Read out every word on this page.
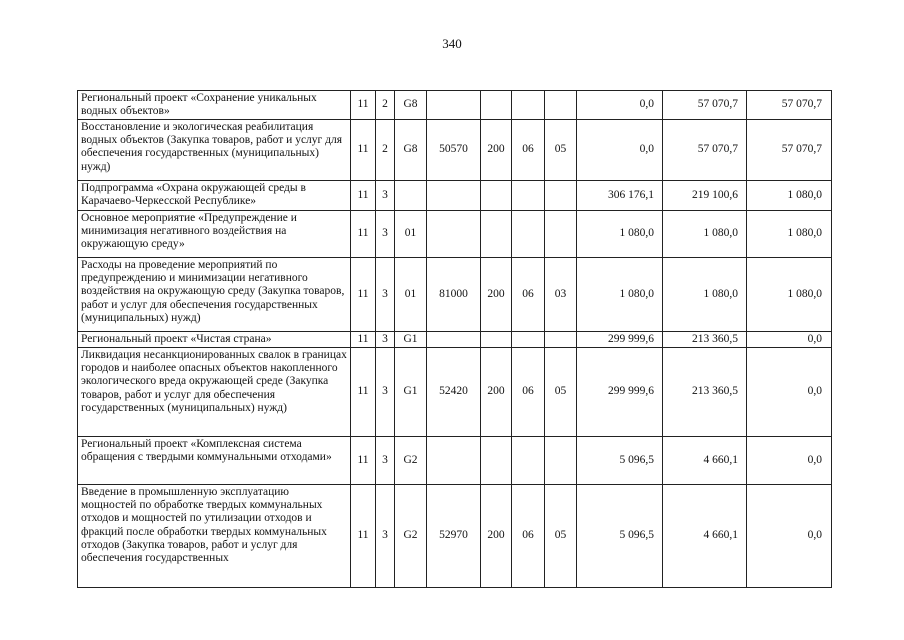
340
Региональный проект «Сохранение уникальных водных объектов»	11	2	G8					0,0	57 070,7	57 070,7
Восстановление и экологическая реабилитация водных объектов (Закупка товаров, работ и услуг для обеспечения государственных (муниципальных) нужд)	11	2	G8	50570	200	06	05	0,0	57 070,7	57 070,7
Подпрограмма «Охрана окружающей среды в Карачаево-Черкесской Республике»	11	3						306 176,1	219 100,6	1 080,0
Основное мероприятие «Предупреждение и минимизация негативного воздействия на окружающую среду»	11	3	01					1 080,0	1 080,0	1 080,0
Расходы на проведение мероприятий по предупреждению и минимизации негативного воздействия на окружающую среду (Закупка товаров, работ и услуг для обеспечения государственных (муниципальных) нужд)	11	3	01	81000	200	06	03	1 080,0	1 080,0	1 080,0
Региональный проект «Чистая страна»	11	3	G1					299 999,6	213 360,5	0,0
Ликвидация несанкционированных свалок в границах городов и наиболее опасных объектов накопленного экологического вреда окружающей среде (Закупка товаров, работ и услуг для обеспечения государственных (муниципальных) нужд)	11	3	G1	52420	200	06	05	299 999,6	213 360,5	0,0
Региональный проект «Комплексная система обращения с твердыми коммунальными отходами»	11	3	G2					5 096,5	4 660,1	0,0
Введение в промышленную эксплуатацию мощностей по обработке твердых коммунальных отходов и мощностей по утилизации отходов и фракций после обработки твердых коммунальных отходов (Закупка товаров, работ и услуг для обеспечения государственных	11	3	G2	52970	200	06	05	5 096,5	4 660,1	0,0
